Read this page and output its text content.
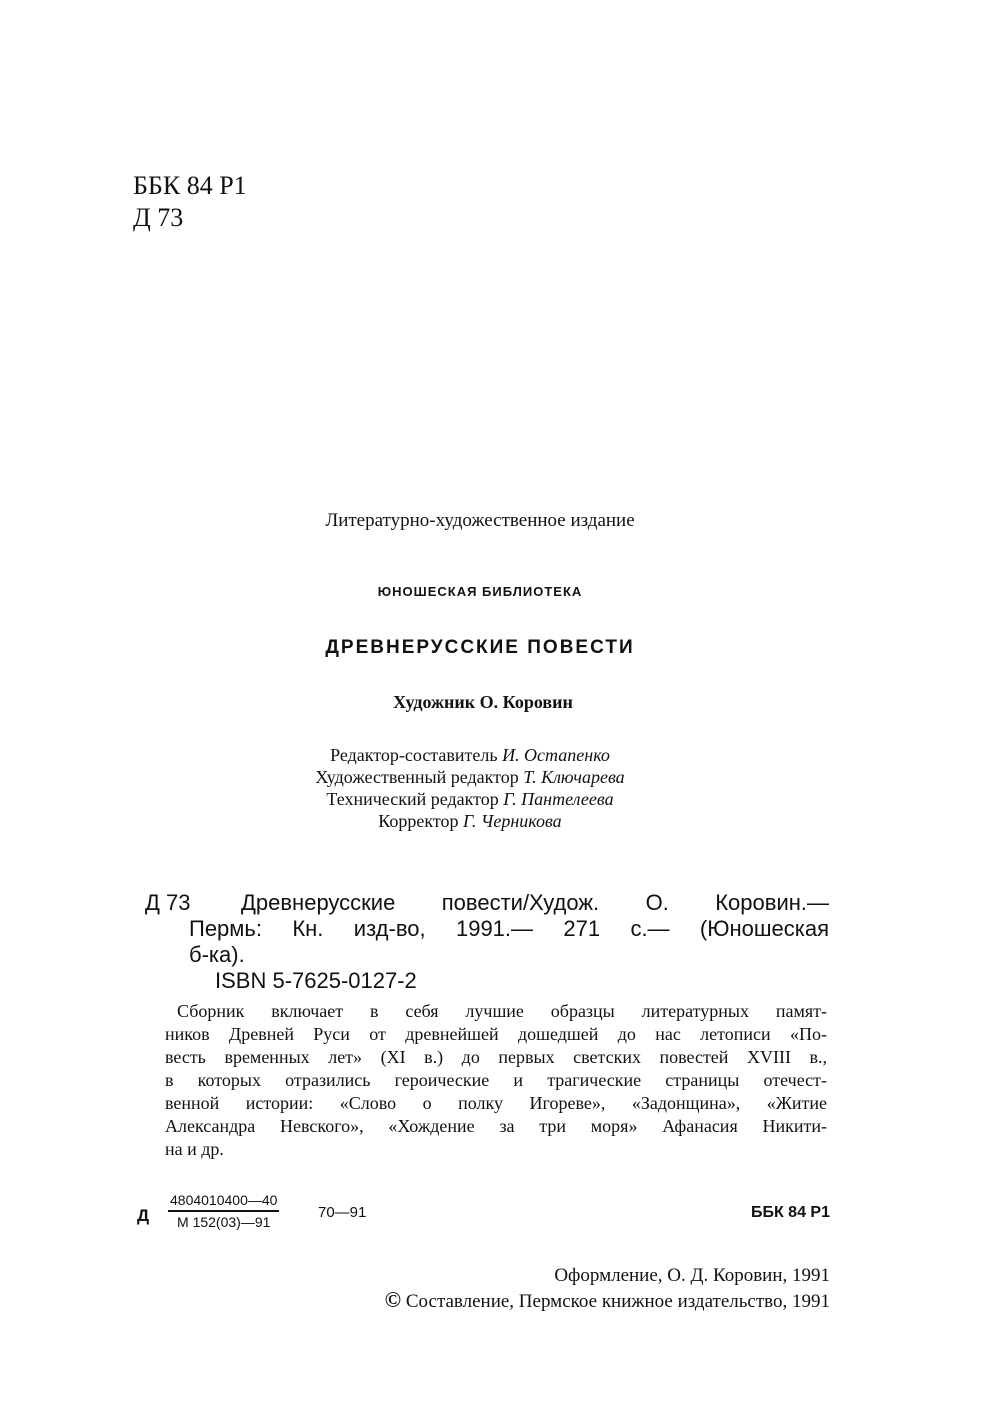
ББК 84 Р1
Д 73
Литературно-художественное издание
ЮНОШЕСКАЯ БИБЛИОТЕКА
ДРЕВНЕРУССКИЕ ПОВЕСТИ
Художник О. Коровин
Редактор-составитель И. Остапенко
Художественный редактор Т. Ключарева
Технический редактор Г. Пантелеева
Корректор Г. Черникова
Д 73 Древнерусские повести/Худож. О. Коровин.—
Пермь: Кн. изд-во, 1991.— 271 с.— (Юношеская
б-ка).
ISBN 5-7625-0127-2
Сборник включает в себя лучшие образцы литературных памят-
ников Древней Руси от древнейшей дошедшей до нас летописи «По-
весть временных лет» (XI в.) до первых светских повестей XVIII в.,
в которых отразились героические и трагические страницы отечест-
венной истории: «Слово о полку Игореве», «Задонщина», «Житие
Александра Невского», «Хождение за три моря» Афанасия Никити-
на и др.
Д
4804010400—40
М 152(03)—91
70—91	ББК 84 Р1
Оформление, О. Д. Коровин, 1991
© Составление, Пермское книжное издательство, 1991
